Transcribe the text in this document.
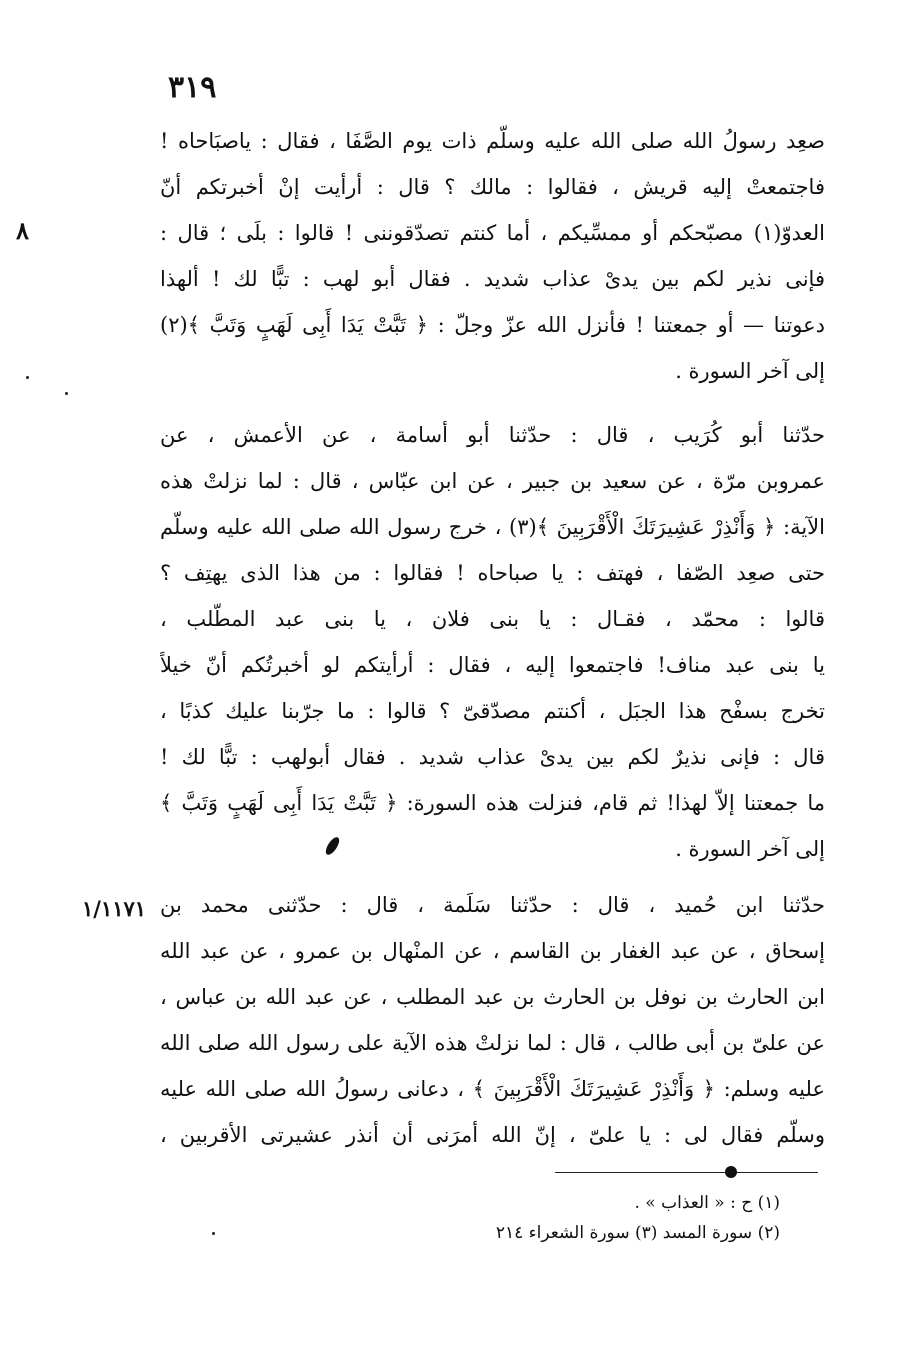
٣١٩
٨
صعِد رسولُ الله صلى الله عليه وسلّم ذات يوم الصَّفَا ، فقال : ياصبَاحاه !
فاجتمعتْ إليه قريش ، فقالوا : مالك ؟ قال : أرأيت إنْ أخبرتكم أنّ
العدوّ(١) مصبّحكم أو ممسِّيكم ، أما كنتم تصدّقوننى ! قالوا : بلَى ؛ قال :
فإنى نذير لكم بين يدىْ عذاب شديد . فقال أبو لهب : تبًّا لك ! ألهذا
دعوتنا — أو جمعتنا ! فأنزل الله عزّ وجلّ : ﴿ تَبَّتْ يَدَا أَبِى لَهَبٍ وَتَبَّ ﴾(٢)
إلى آخر السورة .
حدّثنا أبو كُرَيب ، قال : حدّثنا أبو أسامة ، عن الأعمش ، عن
عمروبن مرّة ، عن سعيد بن جبير ، عن ابن عبّاس ، قال : لما نزلتْ هذه
الآية: ﴿ وَأَنْذِرْ عَشِيرَتَكَ الْأَقْرَبِينَ ﴾(٣) ، خرج رسول الله صلى الله عليه وسلّم
حتى صعِد الصّفا ، فهتف : يا صباحاه ! فقالوا : من هذا الذى يهتِف ؟
قالوا : محمّد ، فقـال : يا بنى فلان ، يا بنى عبد المطّلب ،
يا بنى عبد مناف! فاجتمعوا إليه ، فقال : أرأيتكم لو أخبرتُكم أنّ خيلاً
تخرج بسفْح هذا الجبَل ، أكنتم مصدّقىّ ؟ قالوا : ما جرّبنا عليك كذبًا ،
قال : فإنى نذيرٌ لكم بين يدىْ عذاب شديد . فقال أبولهب : تبًّا لك !
ما جمعتنا إلاّ لهذا! ثم قام، فنزلت هذه السورة: ﴿ تَبَّتْ يَدَا أَبِى لَهَبٍ وَتَبَّ ﴾
إلى آخر السورة .
١/١١٧١ حدّثنا ابن حُميد ، قال : حدّثنا سَلَمة ، قال : حدّثنى محمد بن
إسحاق ، عن عبد الغفار بن القاسم ، عن المنْهال بن عمرو ، عن عبد الله
ابن الحارث بن نوفل بن الحارث بن عبد المطلب ، عن عبد الله بن عباس ،
عن علىّ بن أبى طالب ، قال : لما نزلتْ هذه الآية على رسول الله صلى الله
عليه وسلم: ﴿ وَأَنْذِرْ عَشِيرَتَكَ الْأَقْرَبِينَ ﴾ ، دعانى رسولُ الله صلى الله عليه
وسلّم فقال لى : يا علىّ ، إنّ الله أمرَنى أن أنذر عشيرتى الأقربين ،
(١) ح : « العذاب » .
(٢) سورة المسد (٣) سورة الشعراء ٢١٤
